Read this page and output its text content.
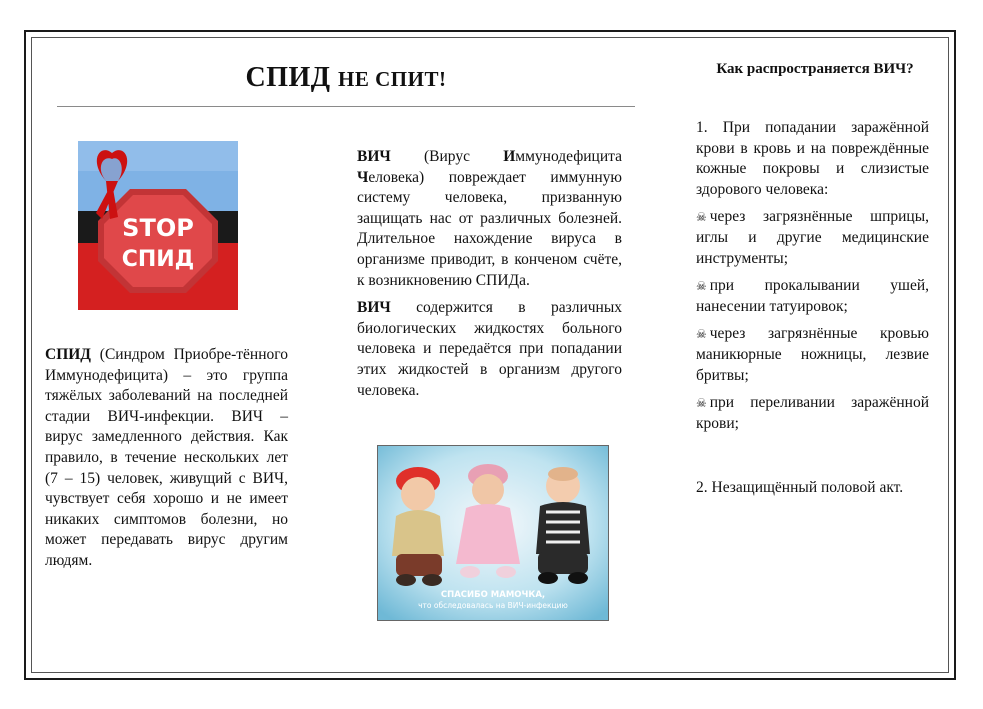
СПИД НЕ СПИТ!
STOP
СПИД

СПИД (Синдром Приобре-тённого Иммунодефицита) – это группа тяжёлых заболеваний на последней стадии ВИЧ-инфекции. ВИЧ – вирус замедленного действия. Как правило, в течение нескольких лет (7 – 15) человек, живущий с ВИЧ, чувствует себя хорошо и не имеет никаких симптомов болезни, но может передавать вирус другим людям.

ВИЧ (Вирус Иммунодефицита Человека) повреждает иммунную систему человека, призванную защищать нас от различных болезней. Длительное нахождение вируса в организме приводит, в конченом счёте, к возникновению СПИДа.

ВИЧ содержится в различных биологических жидкостях больного человека и передаётся при попадании этих жидкостей в организм другого человека.

СПАСИБО МАМОЧКА,
что обследовалась на ВИЧ-инфекцию
Как распространяется ВИЧ?

1. При попадании заражённой крови в кровь и на повреждённые кожные покровы и слизистые здорового человека:

☠ через загрязнённые шприцы, иглы и другие медицинские инструменты;

☠ при прокалывании ушей, нанесении татуировок;

☠ через загрязнённые кровью маникюрные ножницы, лезвие бритвы;

☠ при переливании заражённой крови;

2. Незащищённый половой акт.
